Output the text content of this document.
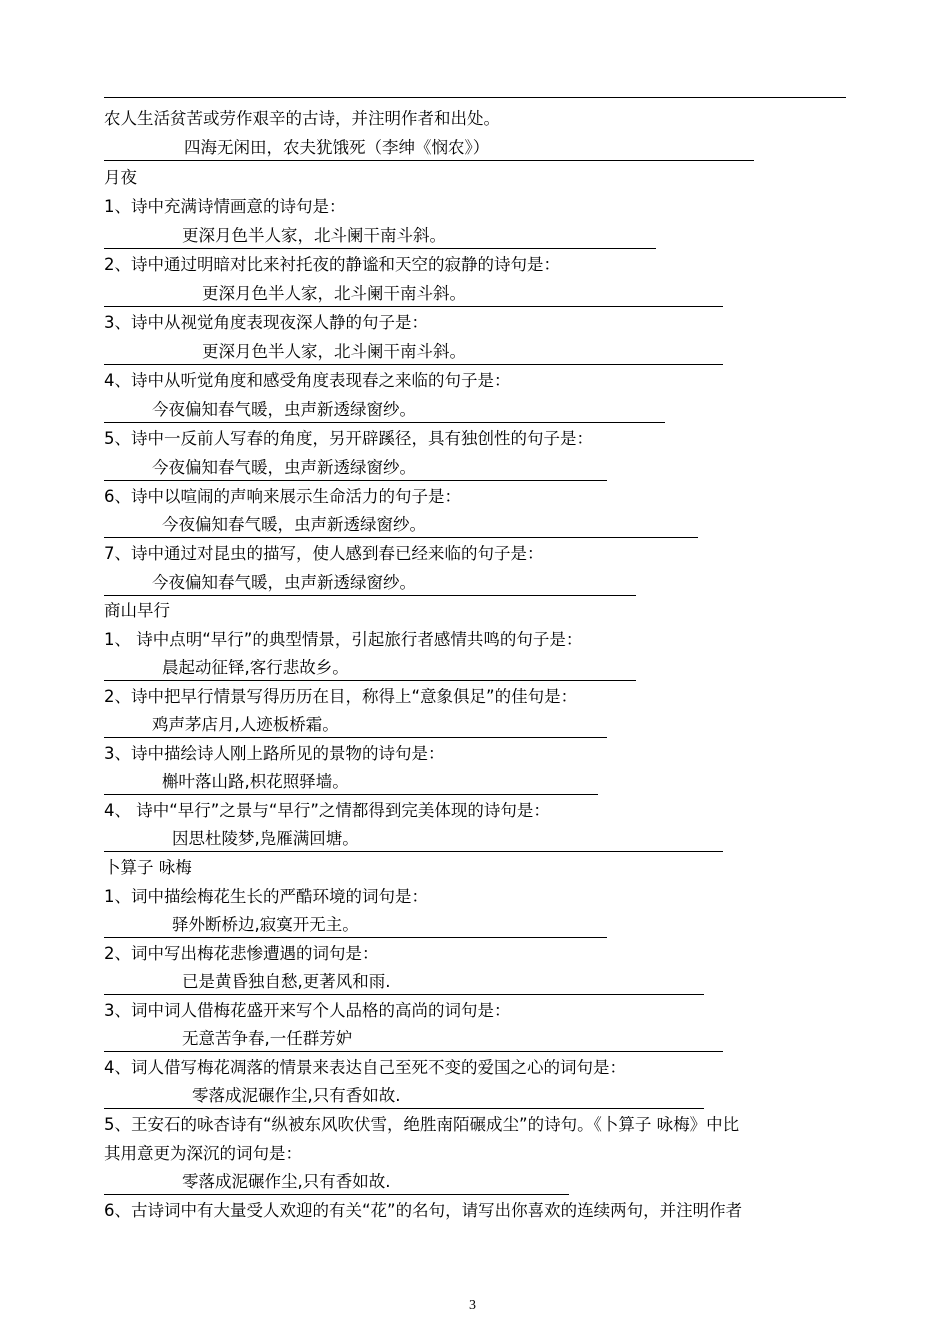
农人生活贫苦或劳作艰辛的古诗，并注明作者和出处。
四海无闲田，农夫犹饿死（李绅《悯农》）
月夜
1、诗中充满诗情画意的诗句是：
更深月色半人家，北斗阑干南斗斜。
2、诗中通过明暗对比来衬托夜的静谧和天空的寂静的诗句是：
更深月色半人家，北斗阑干南斗斜。
3、诗中从视觉角度表现夜深人静的句子是：
更深月色半人家，北斗阑干南斗斜。
4、诗中从听觉角度和感受角度表现春之来临的句子是：
今夜偏知春气暖，虫声新透绿窗纱。
5、诗中一反前人写春的角度，另开辟蹊径，具有独创性的句子是：
今夜偏知春气暖，虫声新透绿窗纱。
6、诗中以喧闹的声响来展示生命活力的句子是：
今夜偏知春气暖，虫声新透绿窗纱。
7、诗中通过对昆虫的描写，使人感到春已经来临的句子是：
今夜偏知春气暖，虫声新透绿窗纱。
商山早行
1、 诗中点明“早行”的典型情景，引起旅行者感情共鸣的句子是：
晨起动征铎,客行悲故乡。
2、诗中把早行情景写得历历在目，称得上“意象俱足”的佳句是：
鸡声茅店月,人迹板桥霜。
3、诗中描绘诗人刚上路所见的景物的诗句是：
槲叶落山路,枳花照驿墙。
4、 诗中“早行”之景与“早行”之情都得到完美体现的诗句是：
因思杜陵梦,凫雁满回塘。
卜算子 咏梅
1、词中描绘梅花生长的严酷环境的词句是：
驿外断桥边,寂寞开无主。
2、词中写出梅花悲惨遭遇的词句是：
已是黄昏独自愁,更著风和雨.
3、词中词人借梅花盛开来写个人品格的高尚的词句是：
无意苦争春,一任群芳妒
4、词人借写梅花凋落的情景来表达自己至死不变的爱国之心的词句是：
零落成泥碾作尘,只有香如故.
5、王安石的咏杏诗有“纵被东风吹伏雪，绝胜南陌碾成尘”的诗句。《卜算子 咏梅》中比
其用意更为深沉的词句是：
零落成泥碾作尘,只有香如故.
6、古诗词中有大量受人欢迎的有关“花”的名句，请写出你喜欢的连续两句，并注明作者
3
